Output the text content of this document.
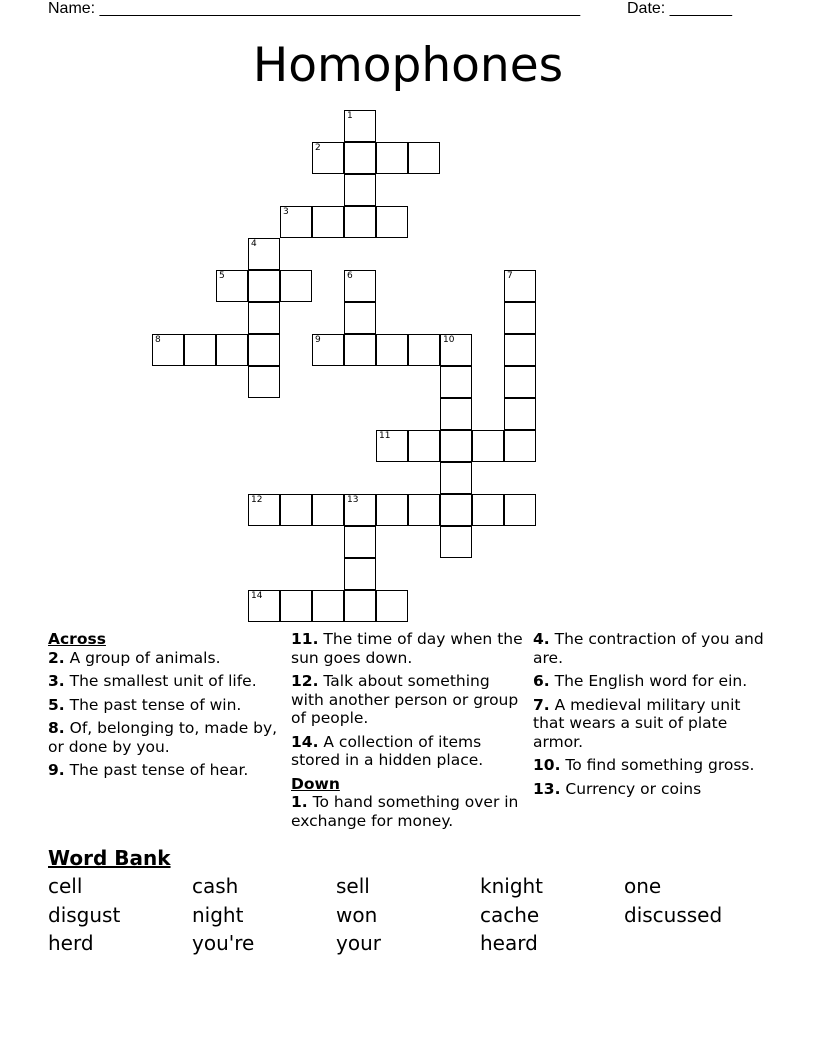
Name: ______________________________________________________	Date: _______
Homophones
1
2
3
4
5	6	7
8	9	10
11
12	13
14
Across
2. A group of animals.
3. The smallest unit of life.
5. The past tense of win.
8. Of, belonging to, made by, or done by you.
9. The past tense of hear.
11. The time of day when the sun goes down.
12. Talk about something with another person or group of people.
14. A collection of items stored in a hidden place.
Down
1. To hand something over in exchange for money.
4. The contraction of you and are.
6. The English word for ein.
7. A medieval military unit that wears a suit of plate armor.
10. To find something gross.
13. Currency or coins
Word Bank
cell	cash	sell	knight	one
disgust	night	won	cache	discussed
herd	you're	your	heard
